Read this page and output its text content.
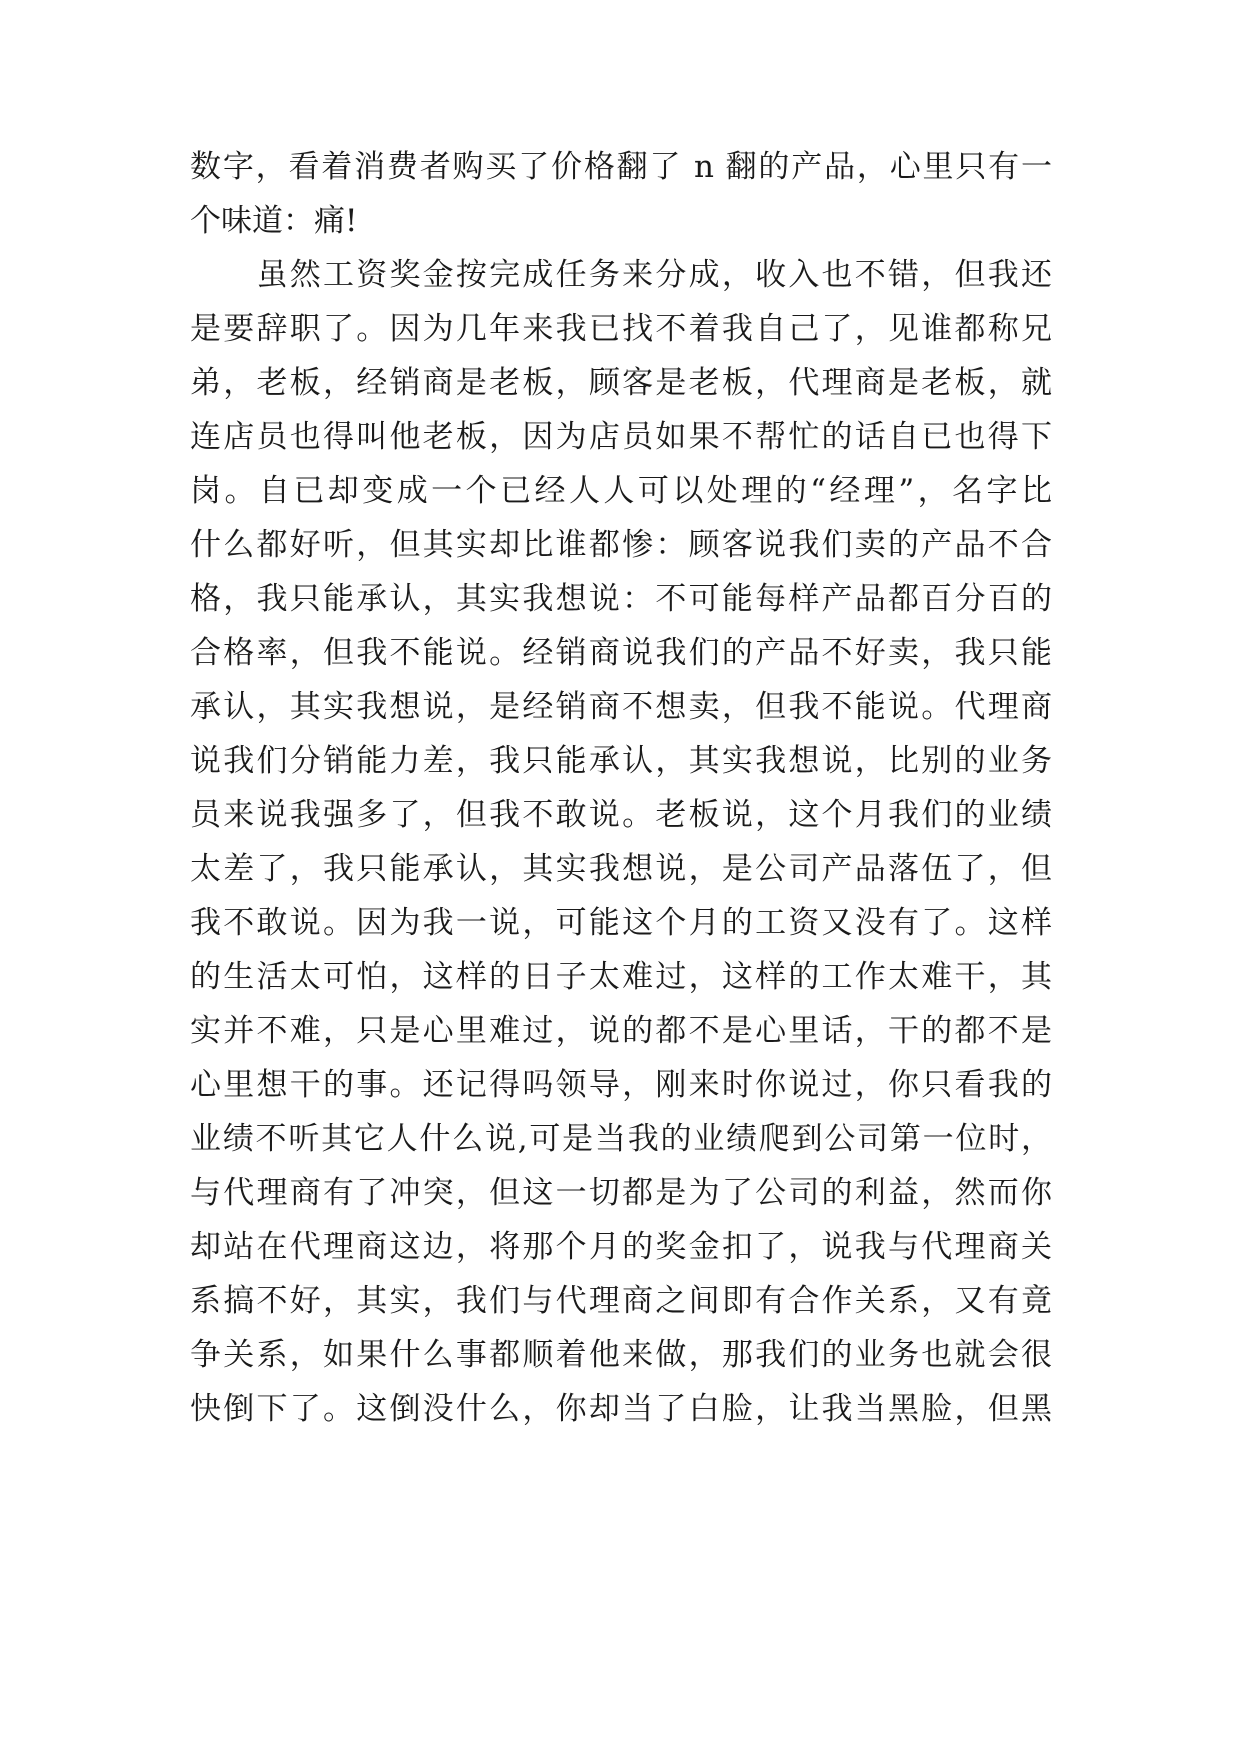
数字，看着消费者购买了价格翻了 n 翻的产品，心里只有一
个味道：痛!
　　虽然工资奖金按完成任务来分成，收入也不错，但我还
是要辞职了。因为几年来我已找不着我自己了，见谁都称兄
弟，老板，经销商是老板，顾客是老板，代理商是老板，就
连店员也得叫他老板，因为店员如果不帮忙的话自已也得下
岗。自已却变成一个已经人人可以处理的“经理”，名字比
什么都好听，但其实却比谁都惨：顾客说我们卖的产品不合
格，我只能承认，其实我想说：不可能每样产品都百分百的
合格率，但我不能说。经销商说我们的产品不好卖，我只能
承认，其实我想说，是经销商不想卖，但我不能说。代理商
说我们分销能力差，我只能承认，其实我想说，比别的业务
员来说我强多了，但我不敢说。老板说，这个月我们的业绩
太差了，我只能承认，其实我想说，是公司产品落伍了，但
我不敢说。因为我一说，可能这个月的工资又没有了。这样
的生活太可怕，这样的日子太难过，这样的工作太难干，其
实并不难，只是心里难过，说的都不是心里话，干的都不是
心里想干的事。还记得吗领导，刚来时你说过，你只看我的
业绩不听其它人什么说,可是当我的业绩爬到公司第一位时，
与代理商有了冲突，但这一切都是为了公司的利益，然而你
却站在代理商这边，将那个月的奖金扣了，说我与代理商关
系搞不好，其实，我们与代理商之间即有合作关系，又有竟
争关系，如果什么事都顺着他来做，那我们的业务也就会很
快倒下了。这倒没什么，你却当了白脸，让我当黑脸，但黑
